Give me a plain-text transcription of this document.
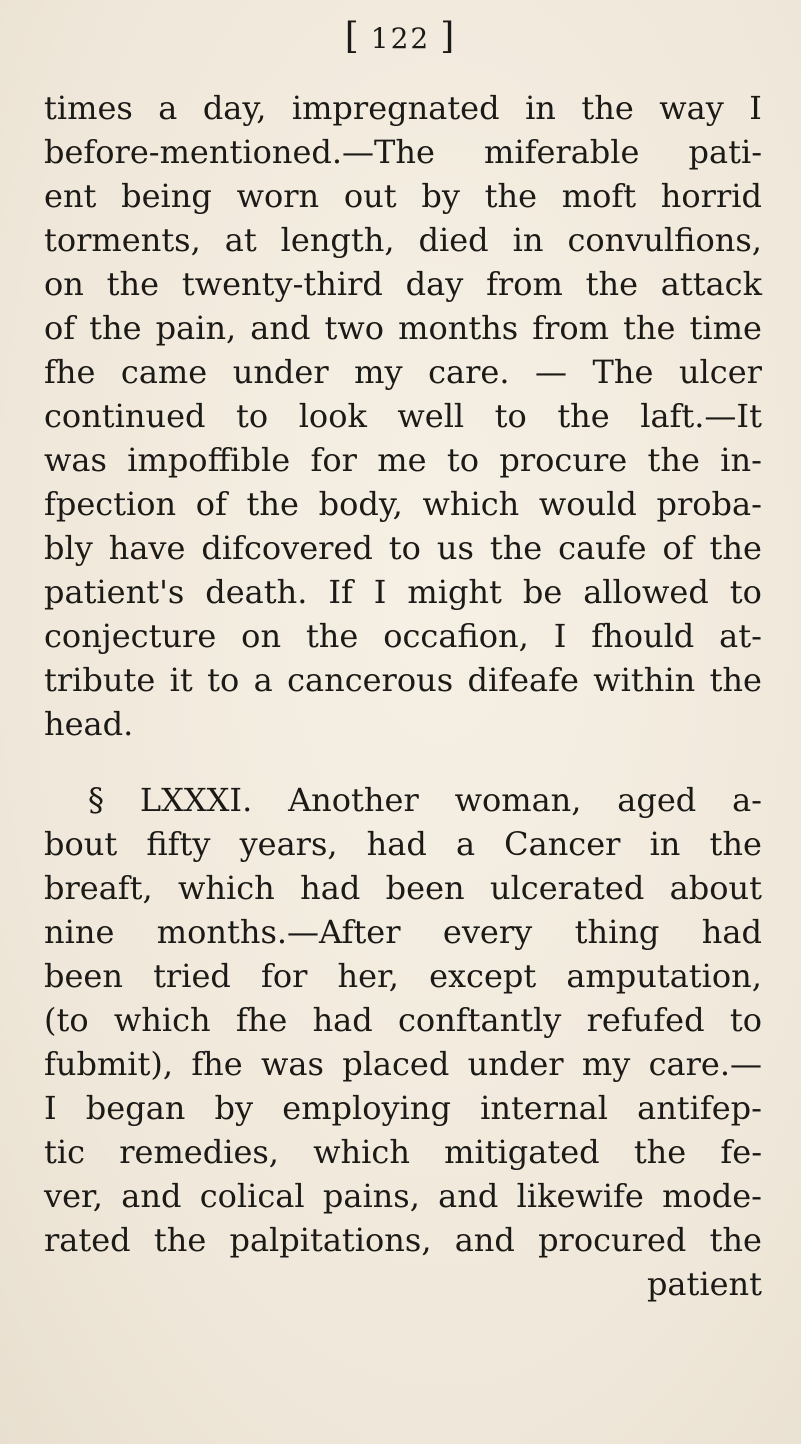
[ 122 ]
times a day, impregnated in the way I
before-mentioned.—The miferable pati-
ent being worn out by the moft horrid
torments, at length, died in convulfions,
on the twenty-third day from the attack
of the pain, and two months from the time
fhe came under my care. — The ulcer
continued to look well to the laft.—It
was impoffible for me to procure the in-
fpection of the body, which would proba-
bly have difcovered to us the caufe of the
patient's death. If I might be allowed to
conjecture on the occafion, I fhould at-
tribute it to a cancerous difeafe within the
head.
§ LXXXI. Another woman, aged a-
bout fifty years, had a Cancer in the
breaft, which had been ulcerated about
nine months.—After every thing had
been tried for her, except amputation,
(to which fhe had conftantly refufed to
fubmit), fhe was placed under my care.—
I began by employing internal antifep-
tic remedies, which mitigated the fe-
ver, and colical pains, and likewife mode-
rated the palpitations, and procured the
patient
